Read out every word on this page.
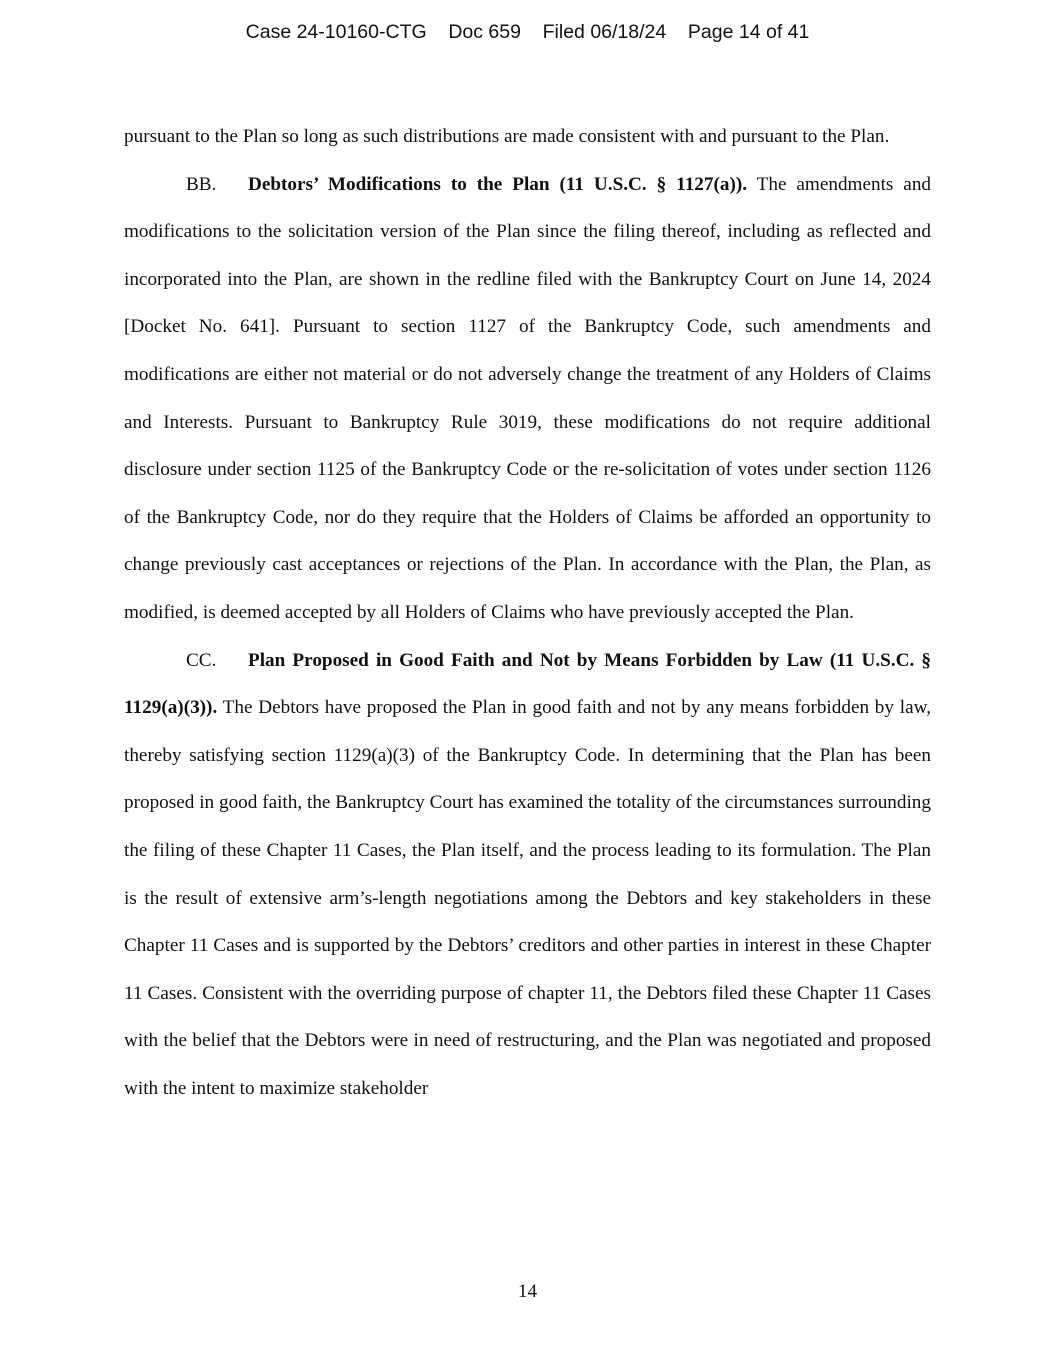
Case 24-10160-CTG Doc 659 Filed 06/18/24 Page 14 of 41

pursuant to the Plan so long as such distributions are made consistent with and pursuant to the Plan.

BB. Debtors’ Modifications to the Plan (11 U.S.C. § 1127(a)). The amendments and modifications to the solicitation version of the Plan since the filing thereof, including as reflected and incorporated into the Plan, are shown in the redline filed with the Bankruptcy Court on June 14, 2024 [Docket No. 641]. Pursuant to section 1127 of the Bankruptcy Code, such amendments and modifications are either not material or do not adversely change the treatment of any Holders of Claims and Interests. Pursuant to Bankruptcy Rule 3019, these modifications do not require additional disclosure under section 1125 of the Bankruptcy Code or the re-solicitation of votes under section 1126 of the Bankruptcy Code, nor do they require that the Holders of Claims be afforded an opportunity to change previously cast acceptances or rejections of the Plan. In accordance with the Plan, the Plan, as modified, is deemed accepted by all Holders of Claims who have previously accepted the Plan.

CC. Plan Proposed in Good Faith and Not by Means Forbidden by Law (11 U.S.C. § 1129(a)(3)). The Debtors have proposed the Plan in good faith and not by any means forbidden by law, thereby satisfying section 1129(a)(3) of the Bankruptcy Code. In determining that the Plan has been proposed in good faith, the Bankruptcy Court has examined the totality of the circumstances surrounding the filing of these Chapter 11 Cases, the Plan itself, and the process leading to its formulation. The Plan is the result of extensive arm’s-length negotiations among the Debtors and key stakeholders in these Chapter 11 Cases and is supported by the Debtors’ creditors and other parties in interest in these Chapter 11 Cases. Consistent with the overriding purpose of chapter 11, the Debtors filed these Chapter 11 Cases with the belief that the Debtors were in need of restructuring, and the Plan was negotiated and proposed with the intent to maximize stakeholder

14
